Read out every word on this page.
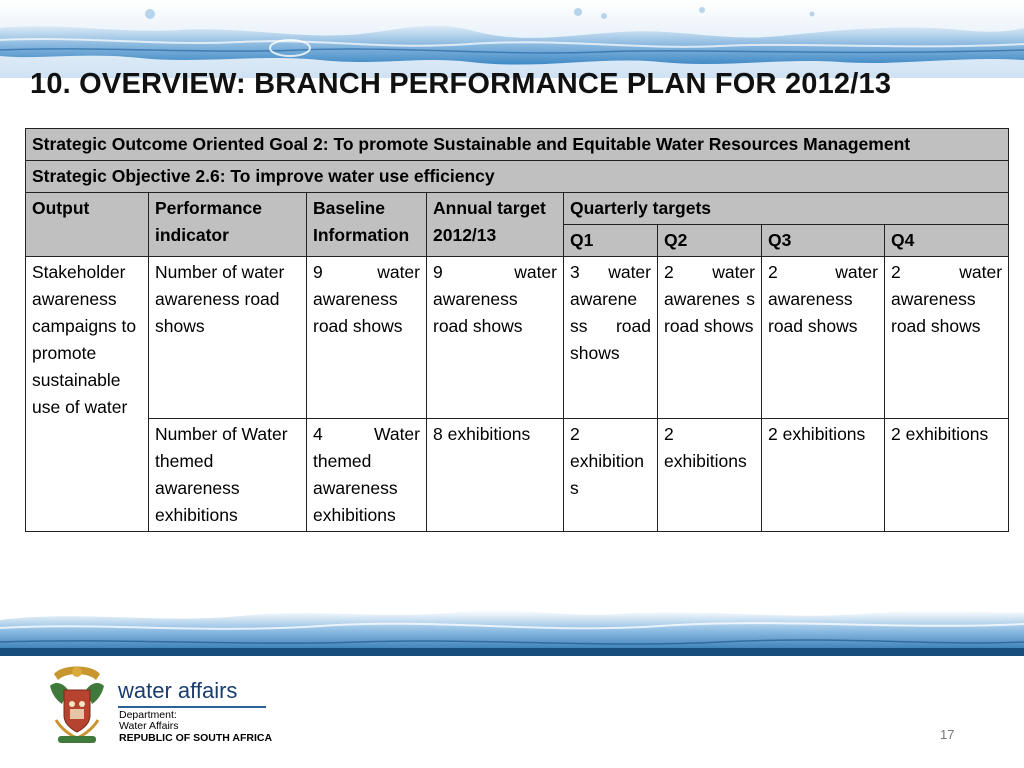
10. OVERVIEW: BRANCH PERFORMANCE PLAN FOR 2012/13
Strategic Outcome Oriented Goal 2: To promote Sustainable and Equitable Water Resources Management							
Strategic Objective 2.6: To improve water use efficiency							
Output	Performance indicator	Baseline Information	Annual target 2012/13	Quarterly targets			
				Q1	Q2	Q3	Q4
Stakeholder awareness campaigns to promote sustainable use of water	Number of water awareness road shows	9 water awareness road shows	9 water awareness road shows	3 water awarene ss road shows	2 water awarenes s road shows	2 water awareness road shows	2 water awareness road shows
	Number of Water themed awareness exhibitions	4 Water themed awareness exhibitions	8 exhibitions	2 exhibition s	2 exhibitions	2 exhibitions	2 exhibitions
water affairs
Department:
Water Affairs
REPUBLIC OF SOUTH AFRICA	17
